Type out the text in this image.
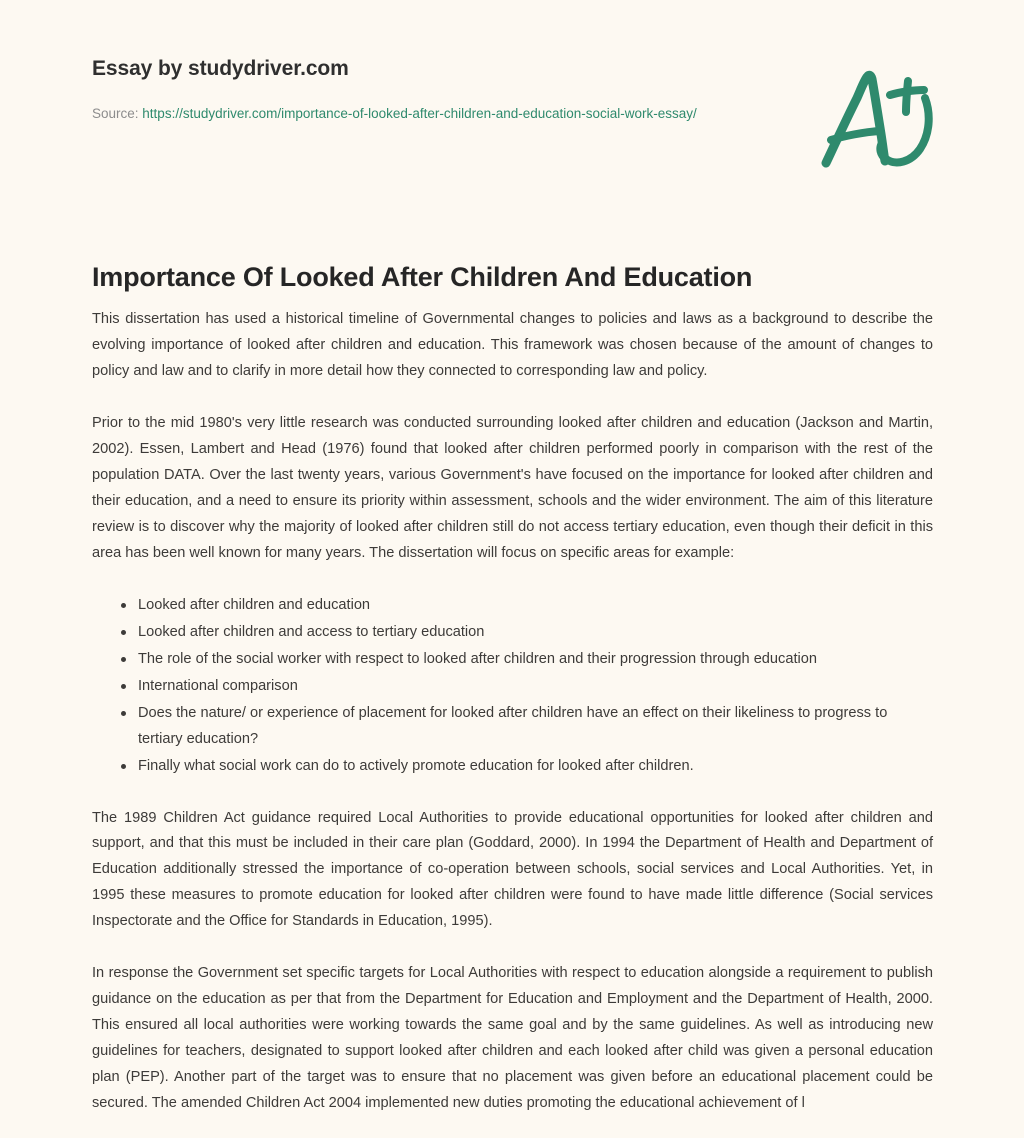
Essay by studydriver.com
Source: https://studydriver.com/importance-of-looked-after-children-and-education-social-work-essay/
Importance Of Looked After Children And Education

This dissertation has used a historical timeline of Governmental changes to policies and laws as a background to describe the evolving importance of looked after children and education. This framework was chosen because of the amount of changes to policy and law and to clarify in more detail how they connected to corresponding law and policy.

Prior to the mid 1980's very little research was conducted surrounding looked after children and education (Jackson and Martin, 2002). Essen, Lambert and Head (1976) found that looked after children performed poorly in comparison with the rest of the population DATA. Over the last twenty years, various Government's have focused on the importance for looked after children and their education, and a need to ensure its priority within assessment, schools and the wider environment. The aim of this literature review is to discover why the majority of looked after children still do not access tertiary education, even though their deficit in this area has been well known for many years. The dissertation will focus on specific areas for example:

Looked after children and education
Looked after children and access to tertiary education
The role of the social worker with respect to looked after children and their progression through education
International comparison
Does the nature/ or experience of placement for looked after children have an effect on their likeliness to progress to tertiary education?
Finally what social work can do to actively promote education for looked after children.

The 1989 Children Act guidance required Local Authorities to provide educational opportunities for looked after children and support, and that this must be included in their care plan (Goddard, 2000). In 1994 the Department of Health and Department of Education additionally stressed the importance of co-operation between schools, social services and Local Authorities. Yet, in 1995 these measures to promote education for looked after children were found to have made little difference (Social services Inspectorate and the Office for Standards in Education, 1995).

In response the Government set specific targets for Local Authorities with respect to education alongside a requirement to publish guidance on the education as per that from the Department for Education and Employment and the Department of Health, 2000. This ensured all local authorities were working towards the same goal and by the same guidelines. As well as introducing new guidelines for teachers, designated to support looked after children and each looked after child was given a personal education plan (PEP). Another part of the target was to ensure that no placement was given before an educational placement could be secured. The amended Children Act 2004 implemented new duties promoting the educational achievement of l
